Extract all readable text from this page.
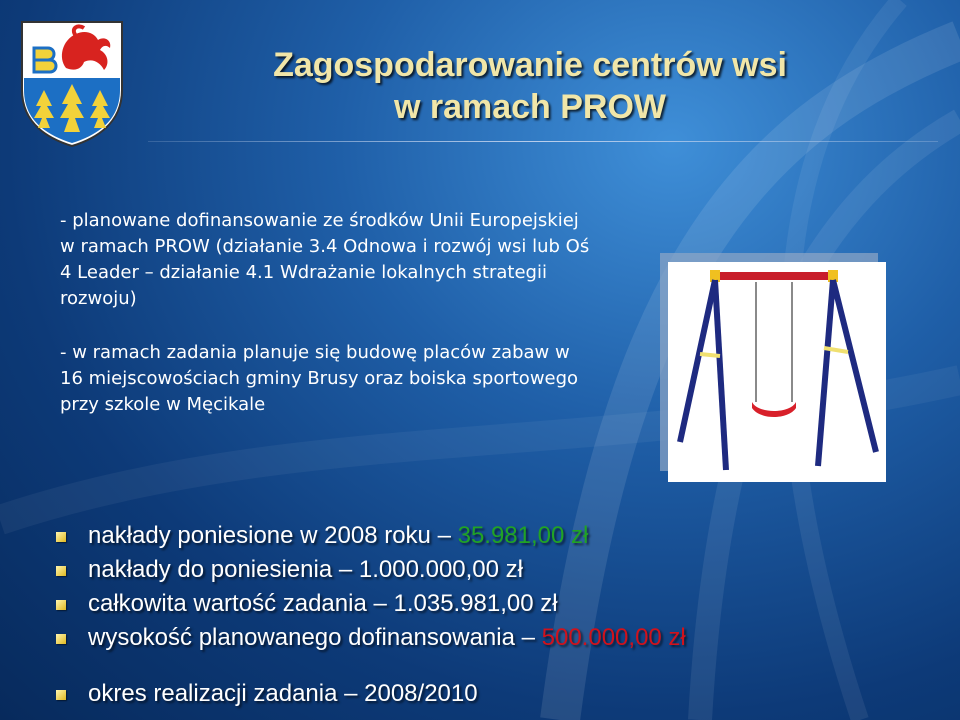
Zagospodarowanie centrów wsi
w ramach PROW

- planowane dofinansowanie ze środków Unii Europejskiej w ramach PROW (działanie 3.4 Odnowa i rozwój wsi lub Oś 4 Leader – działanie 4.1 Wdrażanie lokalnych strategii rozwoju)

- w ramach zadania planuje się budowę placów zabaw w 16 miejscowościach gminy Brusy oraz boiska sportowego przy szkole w Męcikale

nakłady poniesione w 2008 roku – 35.981,00 zł
nakłady do poniesienia – 1.000.000,00 zł
całkowita wartość zadania – 1.035.981,00 zł
wysokość planowanego dofinansowania – 500.000,00 zł
okres realizacji zadania – 2008/2010
